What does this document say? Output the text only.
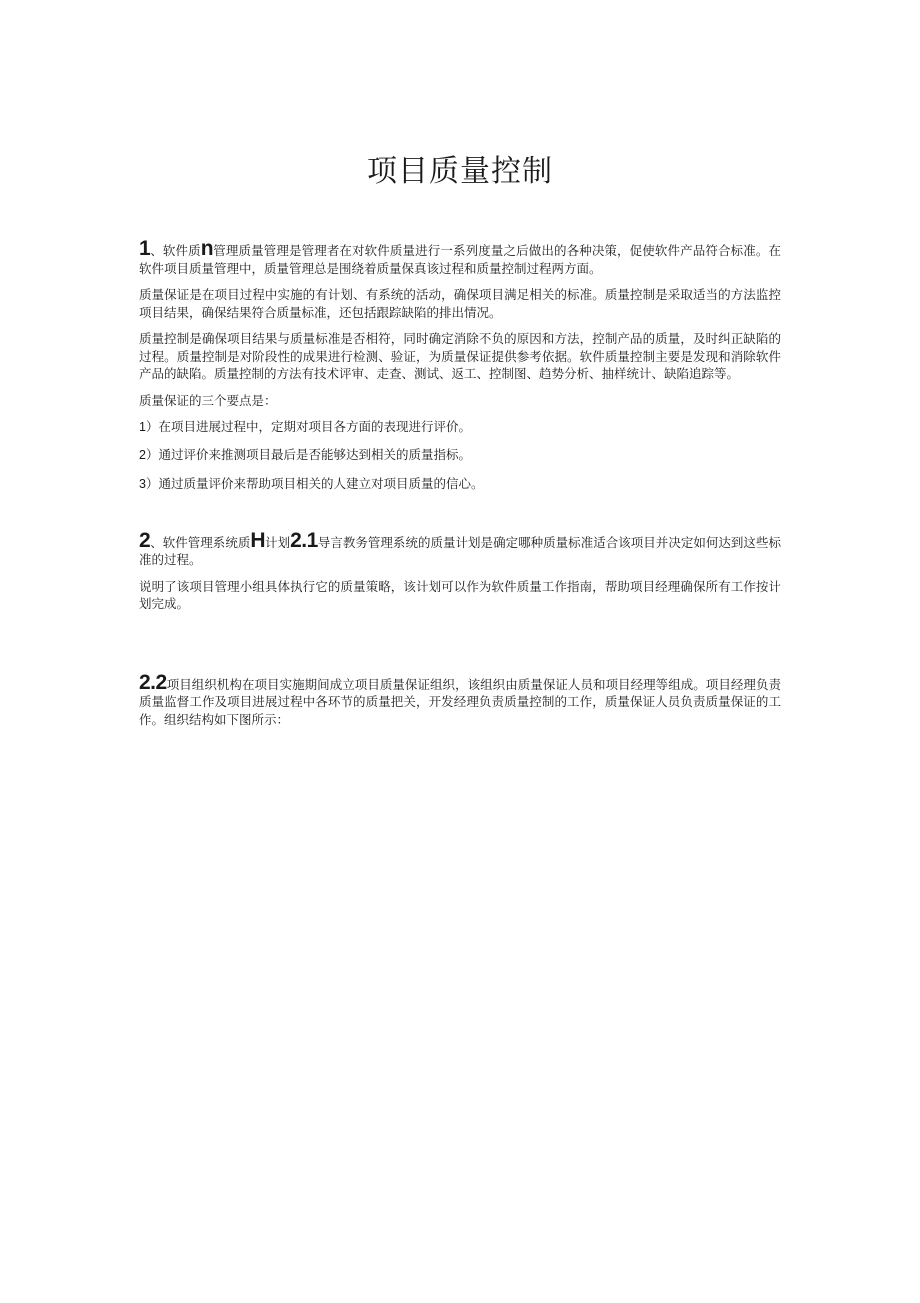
项目质量控制

1、软件质n管理质量管理是管理者在对软件质量进行一系列度量之后做出的各种决策，促使软件产品符合标准。在软件项目质量管理中，质量管理总是围绕着质量保真该过程和质量控制过程两方面。

质量保证是在项目过程中实施的有计划、有系统的活动，确保项目满足相关的标准。质量控制是采取适当的方法监控项目结果，确保结果符合质量标准，还包括跟踪缺陷的排出情况。

质量控制是确保项目结果与质量标准是否相符，同时确定消除不负的原因和方法，控制产品的质量，及时纠正缺陷的过程。质量控制是对阶段性的成果进行检测、验证，为质量保证提供参考依据。软件质量控制主要是发现和消除软件产品的缺陷。质量控制的方法有技术评审、走查、测试、返工、控制图、趋势分析、抽样统计、缺陷追踪等。

质量保证的三个要点是：

1）在项目进展过程中，定期对项目各方面的表现进行评价。

2）通过评价来推测项目最后是否能够达到相关的质量指标。

3）通过质量评价来帮助项目相关的人建立对项目质量的信心。

2、软件管理系统质H计划2.1导言教务管理系统的质量计划是确定哪种质量标准适合该项目并决定如何达到这些标准的过程。

说明了该项目管理小组具体执行它的质量策略，该计划可以作为软件质量工作指南，帮助项目经理确保所有工作按计划完成。

2.2项目组织机构在项目实施期间成立项目质量保证组织，该组织由质量保证人员和项目经理等组成。项目经理负责质量监督工作及项目进展过程中各环节的质量把关，开发经理负责质量控制的工作，质量保证人员负责质量保证的工作。组织结构如下图所示：
